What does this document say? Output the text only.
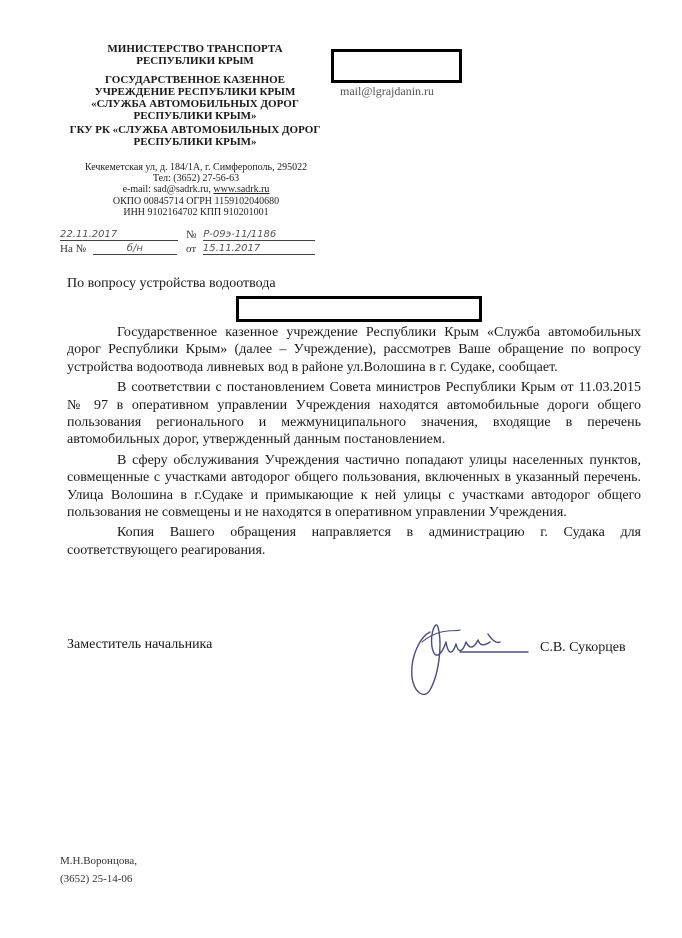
МИНИСТЕРСТВО ТРАНСПОРТА
РЕСПУБЛИКИ КРЫМ
ГОСУДАРСТВЕННОЕ КАЗЕННОЕ
УЧРЕЖДЕНИЕ РЕСПУБЛИКИ КРЫМ
«СЛУЖБА АВТОМОБИЛЬНЫХ ДОРОГ
РЕСПУБЛИКИ КРЫМ»
ГКУ РК «СЛУЖБА АВТОМОБИЛЬНЫХ ДОРОГ
РЕСПУБЛИКИ КРЫМ»
Кечкеметская ул, д. 184/1А, г. Симферополь, 295022
Тел: (3652) 27-56-63
e-mail: sad@sadrk.ru, www.sadrk.ru
ОКПО 00845714 ОГРН 1159102040680
ИНН 9102164702 КПП 910201001
mail@lgrajdanin.ru
22.11.2017	№ Р-09э-11/1186
На №	б/н	от 15.11.2017
По вопросу устройства водоотвода

Государственное казенное учреждение Республики Крым «Служба автомобильных дорог Республики Крым» (далее – Учреждение), рассмотрев Ваше обращение по вопросу устройства водоотвода ливневых вод в районе ул.Волошина в г. Судаке, сообщает.

В соответствии с постановлением Совета министров Республики Крым от 11.03.2015 № 97 в оперативном управлении Учреждения находятся автомобильные дороги общего пользования регионального и межмуниципального значения, входящие в перечень автомобильных дорог, утвержденный данным постановлением.

В сферу обслуживания Учреждения частично попадают улицы населенных пунктов, совмещенные с участками автодорог общего пользования, включенных в указанный перечень. Улица Волошина в г.Судаке и примыкающие к ней улицы с участками автодорог общего пользования не совмещены и не находятся в оперативном управлении Учреждения.

Копия Вашего обращения направляется в администрацию г. Судака для соответствующего реагирования.

Заместитель начальника	С.В. Сукорцев
М.Н.Воронцова,
(3652) 25-14-06
